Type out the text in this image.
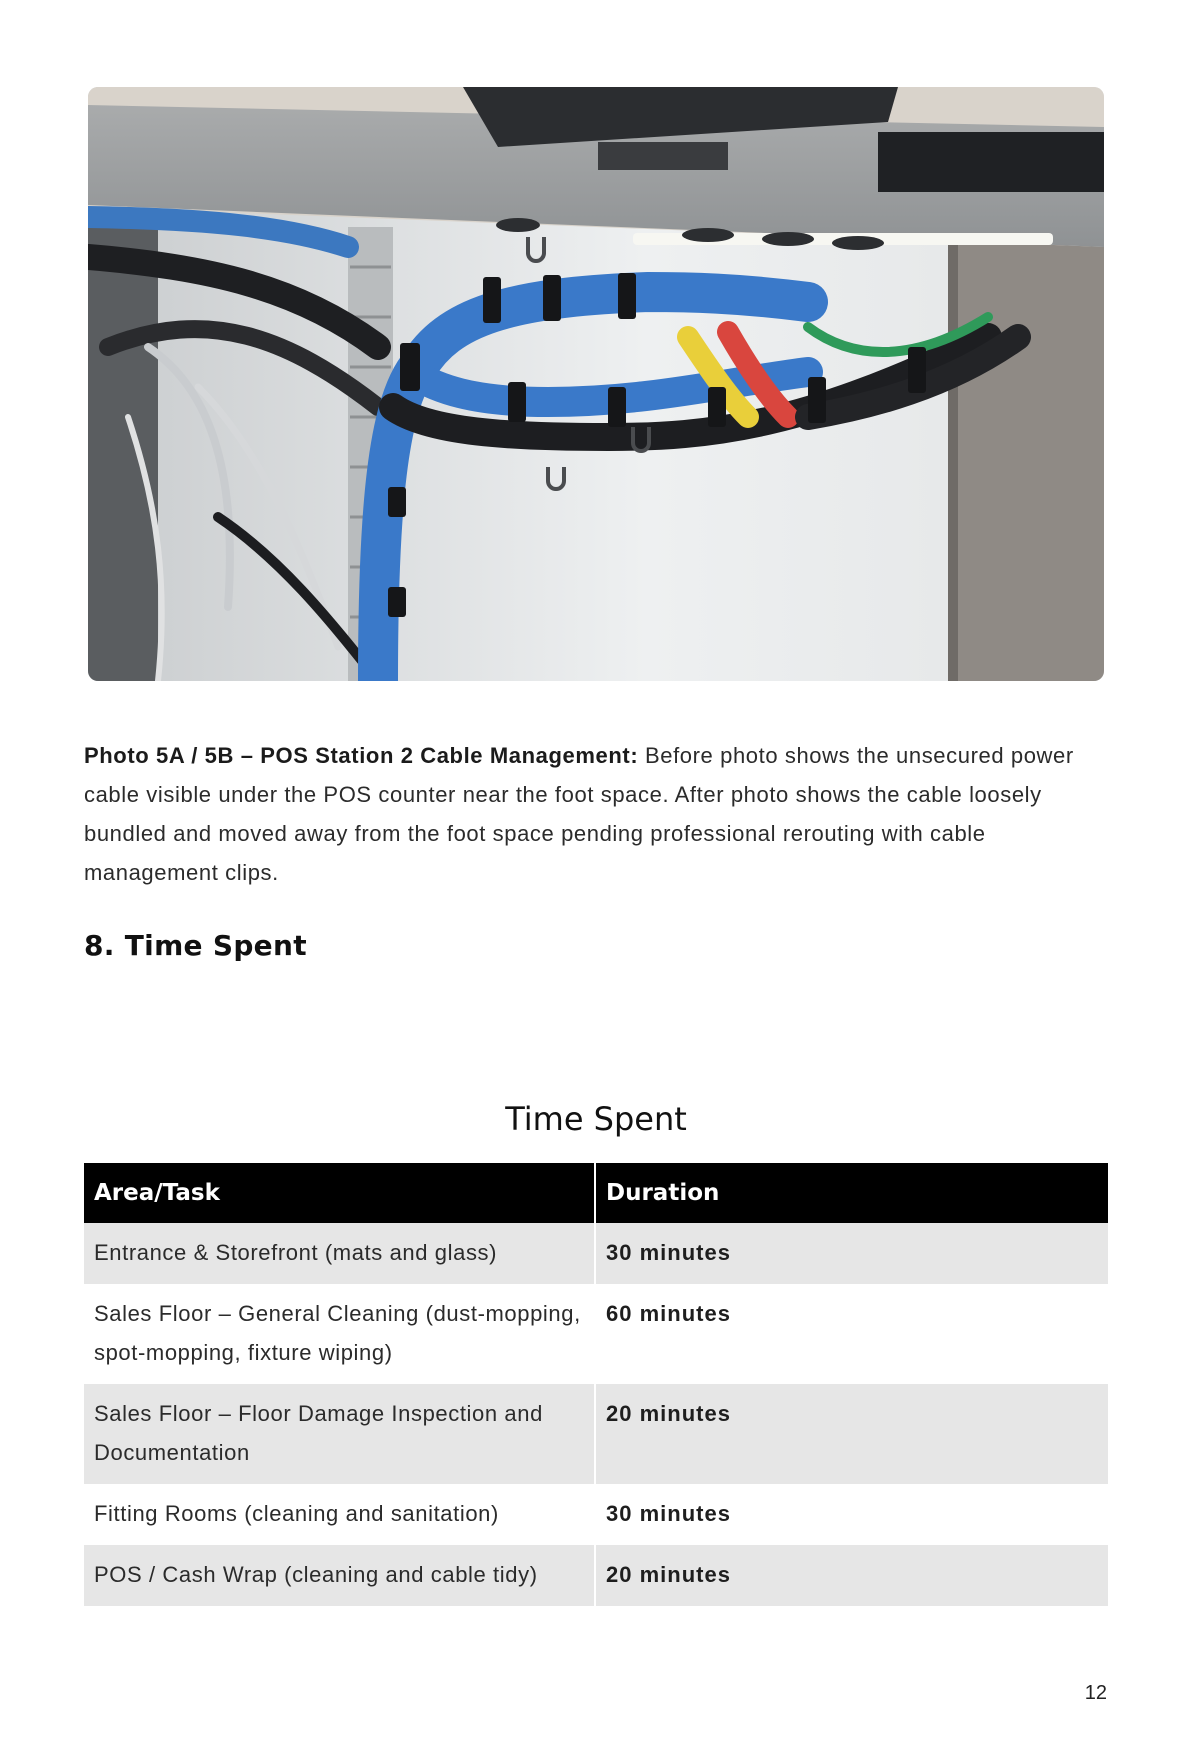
Photo 5A / 5B – POS Station 2 Cable Management: Before photo shows the unsecured power cable visible under the POS counter near the foot space. After photo shows the cable loosely bundled and moved away from the foot space pending professional rerouting with cable management clips.

8. Time Spent
Time Spent
Area/Task	Duration
Entrance & Storefront (mats and glass)	30 minutes
Sales Floor – General Cleaning (dust-mopping, spot-mopping, fixture wiping)	60 minutes
Sales Floor – Floor Damage Inspection and Documentation	20 minutes
Fitting Rooms (cleaning and sanitation)	30 minutes
POS / Cash Wrap (cleaning and cable tidy)	20 minutes
12
